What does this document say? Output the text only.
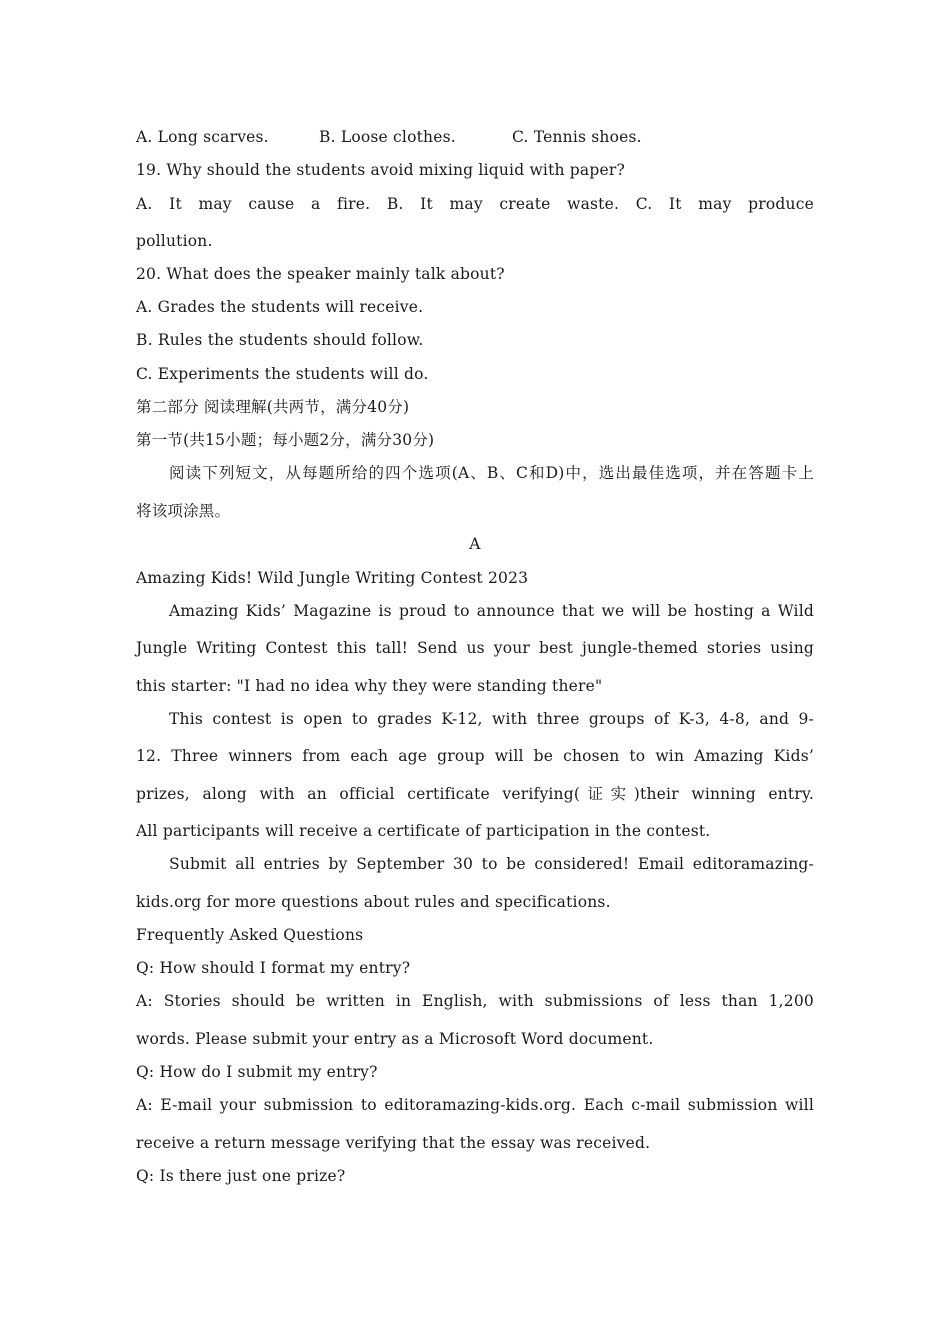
A. Long scarves.	B. Loose clothes.	C. Tennis shoes.
19. Why should the students avoid mixing liquid with paper?
A. It may cause a fire. B. It may create waste. C. It may produce
pollution.
20. What does the speaker mainly talk about?
A. Grades the students will receive.
B. Rules the students should follow.
C. Experiments the students will do.
第二部分 阅读理解(共两节，满分40分)
第一节(共15小题；每小题2分，满分30分)
阅读下列短文，从每题所给的四个选项(A、B、C和D)中，选出最佳选项，并在答题卡上
将该项涂黑。
A
Amazing Kids! Wild Jungle Writing Contest 2023
Amazing Kids’ Magazine is proud to announce that we will be hosting a Wild
Jungle Writing Contest this tall! Send us your best jungle-themed stories using
this starter: "I had no idea why they were standing there"
This contest is open to grades K-12, with three groups of K-3, 4-8, and 9-
12. Three winners from each age group will be chosen to win Amazing Kids’
prizes, along with an official certificate verifying(证实)their winning entry.
All participants will receive a certificate of participation in the contest.
Submit all entries by September 30 to be considered! Email editoramazing-
kids.org for more questions about rules and specifications.
Frequently Asked Questions
Q: How should I format my entry?
A: Stories should be written in English, with submissions of less than 1,200
words. Please submit your entry as a Microsoft Word document.
Q: How do I submit my entry?
A: E-mail your submission to editoramazing-kids.org. Each c-mail submission will
receive a return message verifying that the essay was received.
Q: Is there just one prize?
